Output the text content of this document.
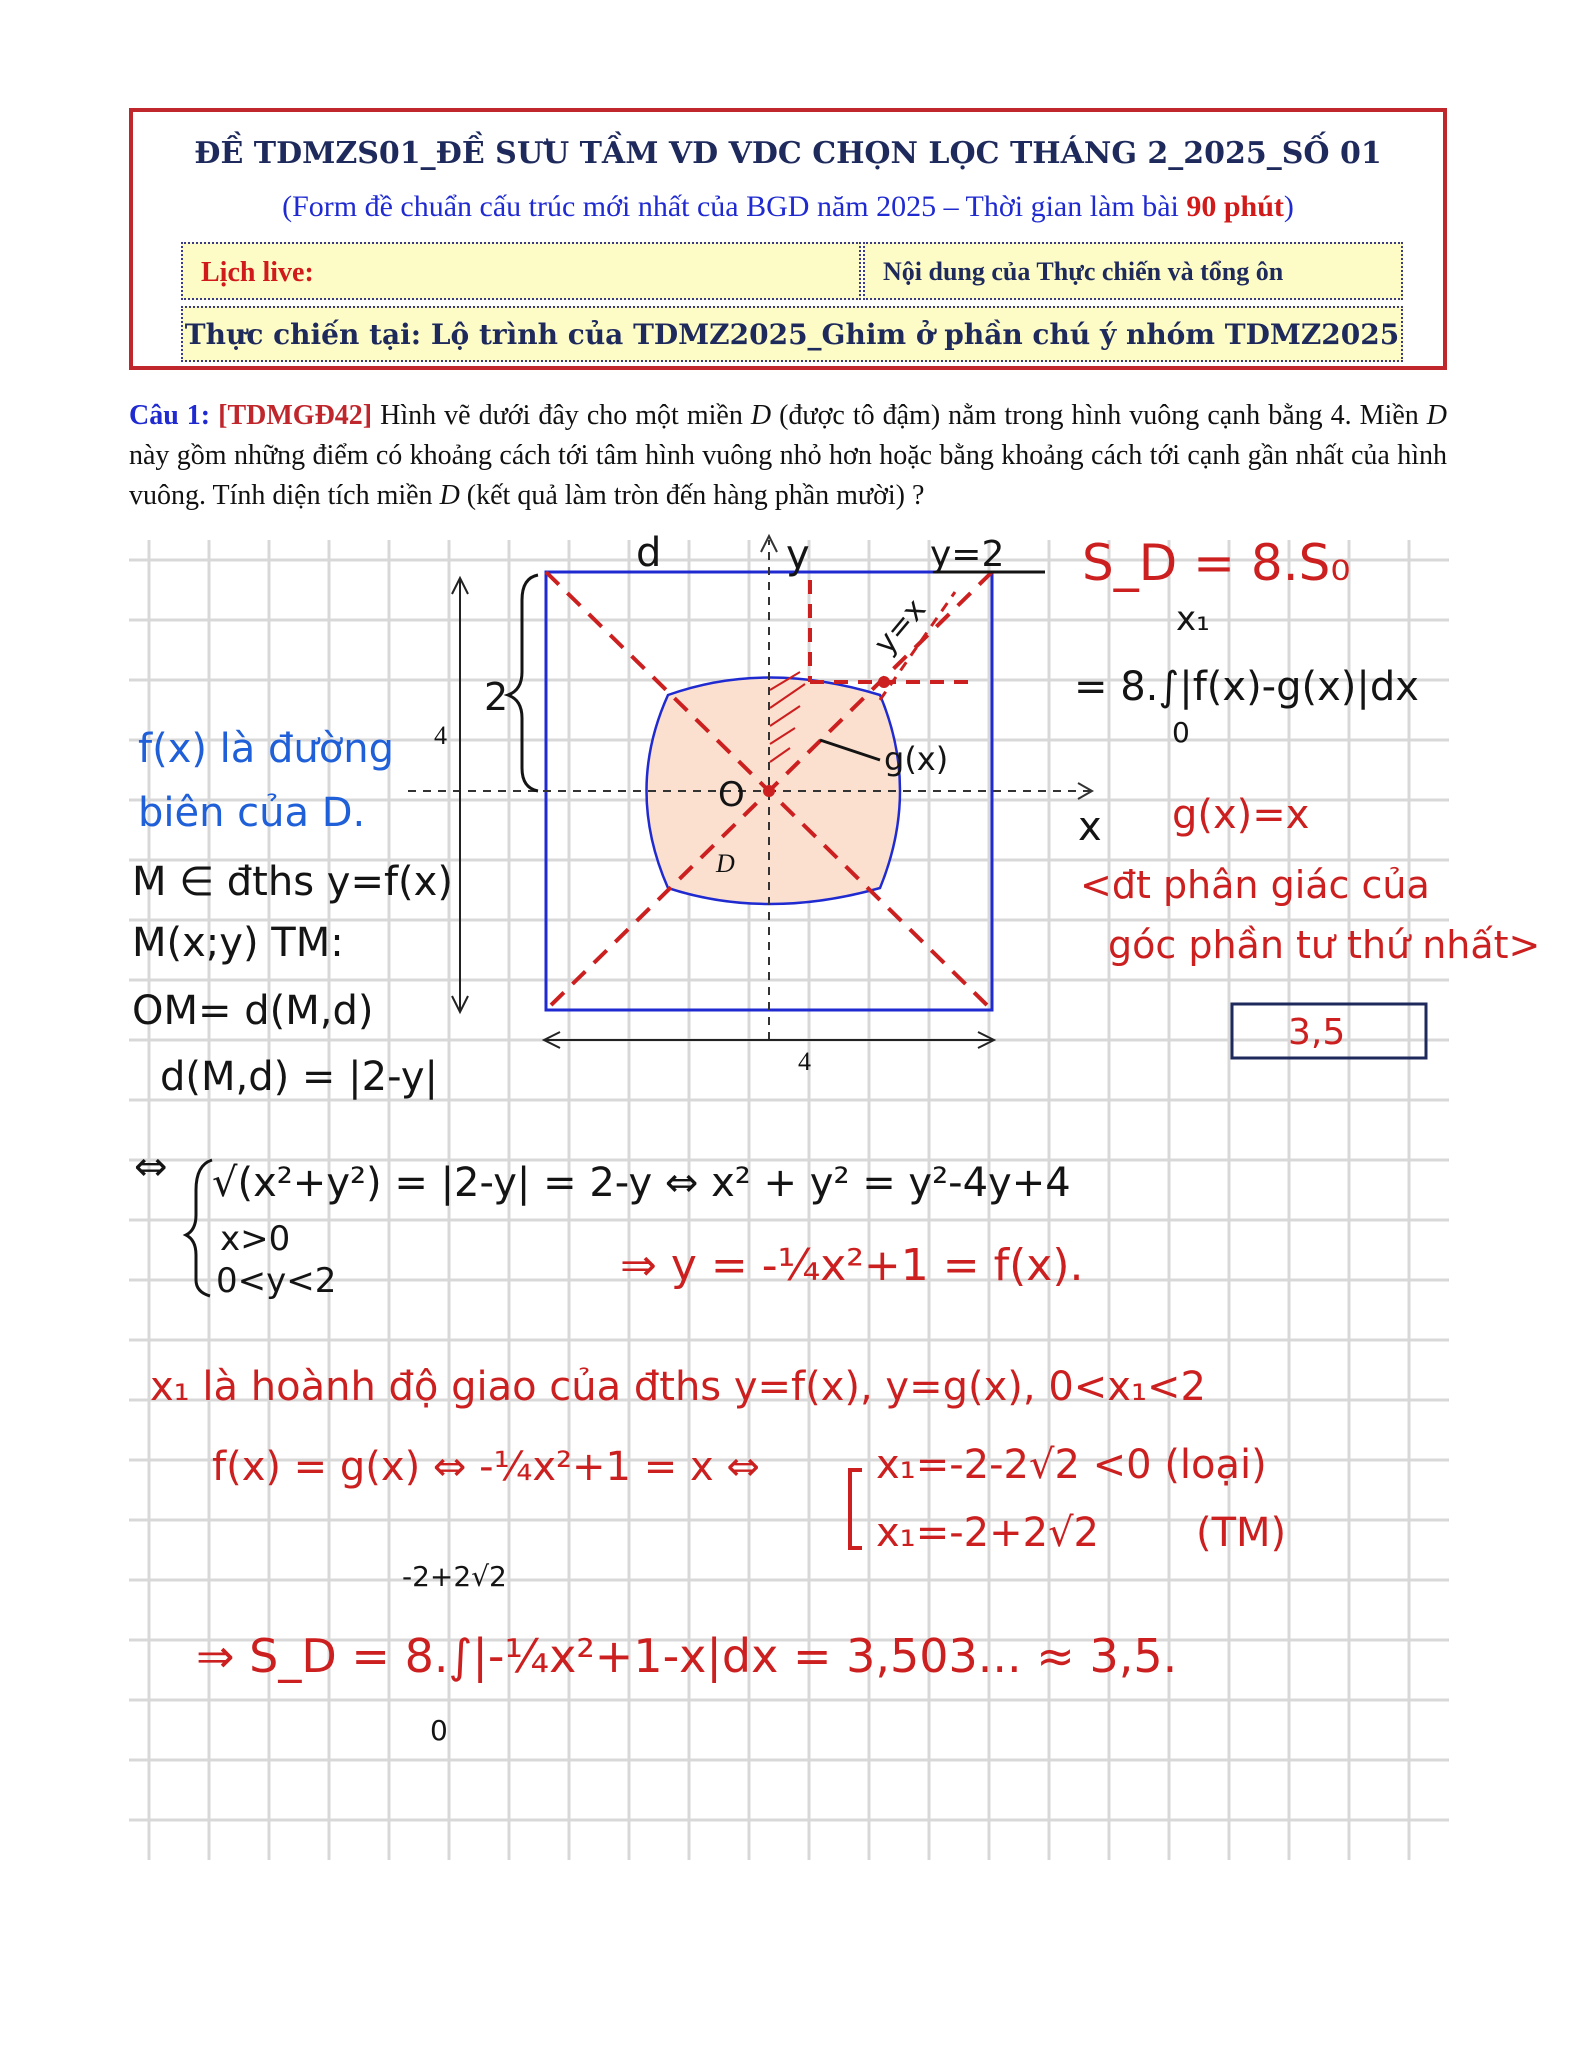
4
4
D
O
x
y
2
d	y=2
y=x
g(x)
f(x) là đường
biên của D.
M ∈ đths y=f(x)
M(x;y) TM:
OM= d(M,d)
d(M,d) = |2-y|
S_D = 8.S₀
x₁
= 8.∫|f(x)-g(x)|dx
0
g(x)=x
<đt phân giác của
góc phần tư thứ nhất>
3,5
⇔ √(x²+y²) = |2-y| = 2-y ⇔ x² + y² = y²-4y+4
x>0
0<y<2	⇒ y = -¼x²+1 = f(x).
x₁ là hoành độ giao của đths y=f(x), y=g(x), 0<x₁<2
f(x) = g(x) ⇔ -¼x²+1 = x ⇔	x₁=-2-2√2 <0 (loại)
x₁=-2+2√2 (TM)
-2+2√2
⇒ S_D = 8.∫|-¼x²+1-x|dx = 3,503... ≈ 3,5.
0
ĐỀ TDMZS01_ĐỀ SƯU TẦM VD VDC CHỌN LỌC THÁNG 2_2025_SỐ 01
(Form đề chuẩn cấu trúc mới nhất của BGD năm 2025 – Thời gian làm bài 90 phút)
Lịch live:	Nội dung của Thực chiến và tổng ôn
Thực chiến tại: Lộ trình của TDMZ2025_Ghim ở phần chú ý nhóm TDMZ2025
Câu 1: [TDMGĐ42] Hình vẽ dưới đây cho một miền D (được tô đậm) nằm trong hình vuông cạnh bằng 4. Miền D này gồm những điểm có khoảng cách tới tâm hình vuông nhỏ hơn hoặc bằng khoảng cách tới cạnh gần nhất của hình vuông. Tính diện tích miền D (kết quả làm tròn đến hàng phần mười) ?
